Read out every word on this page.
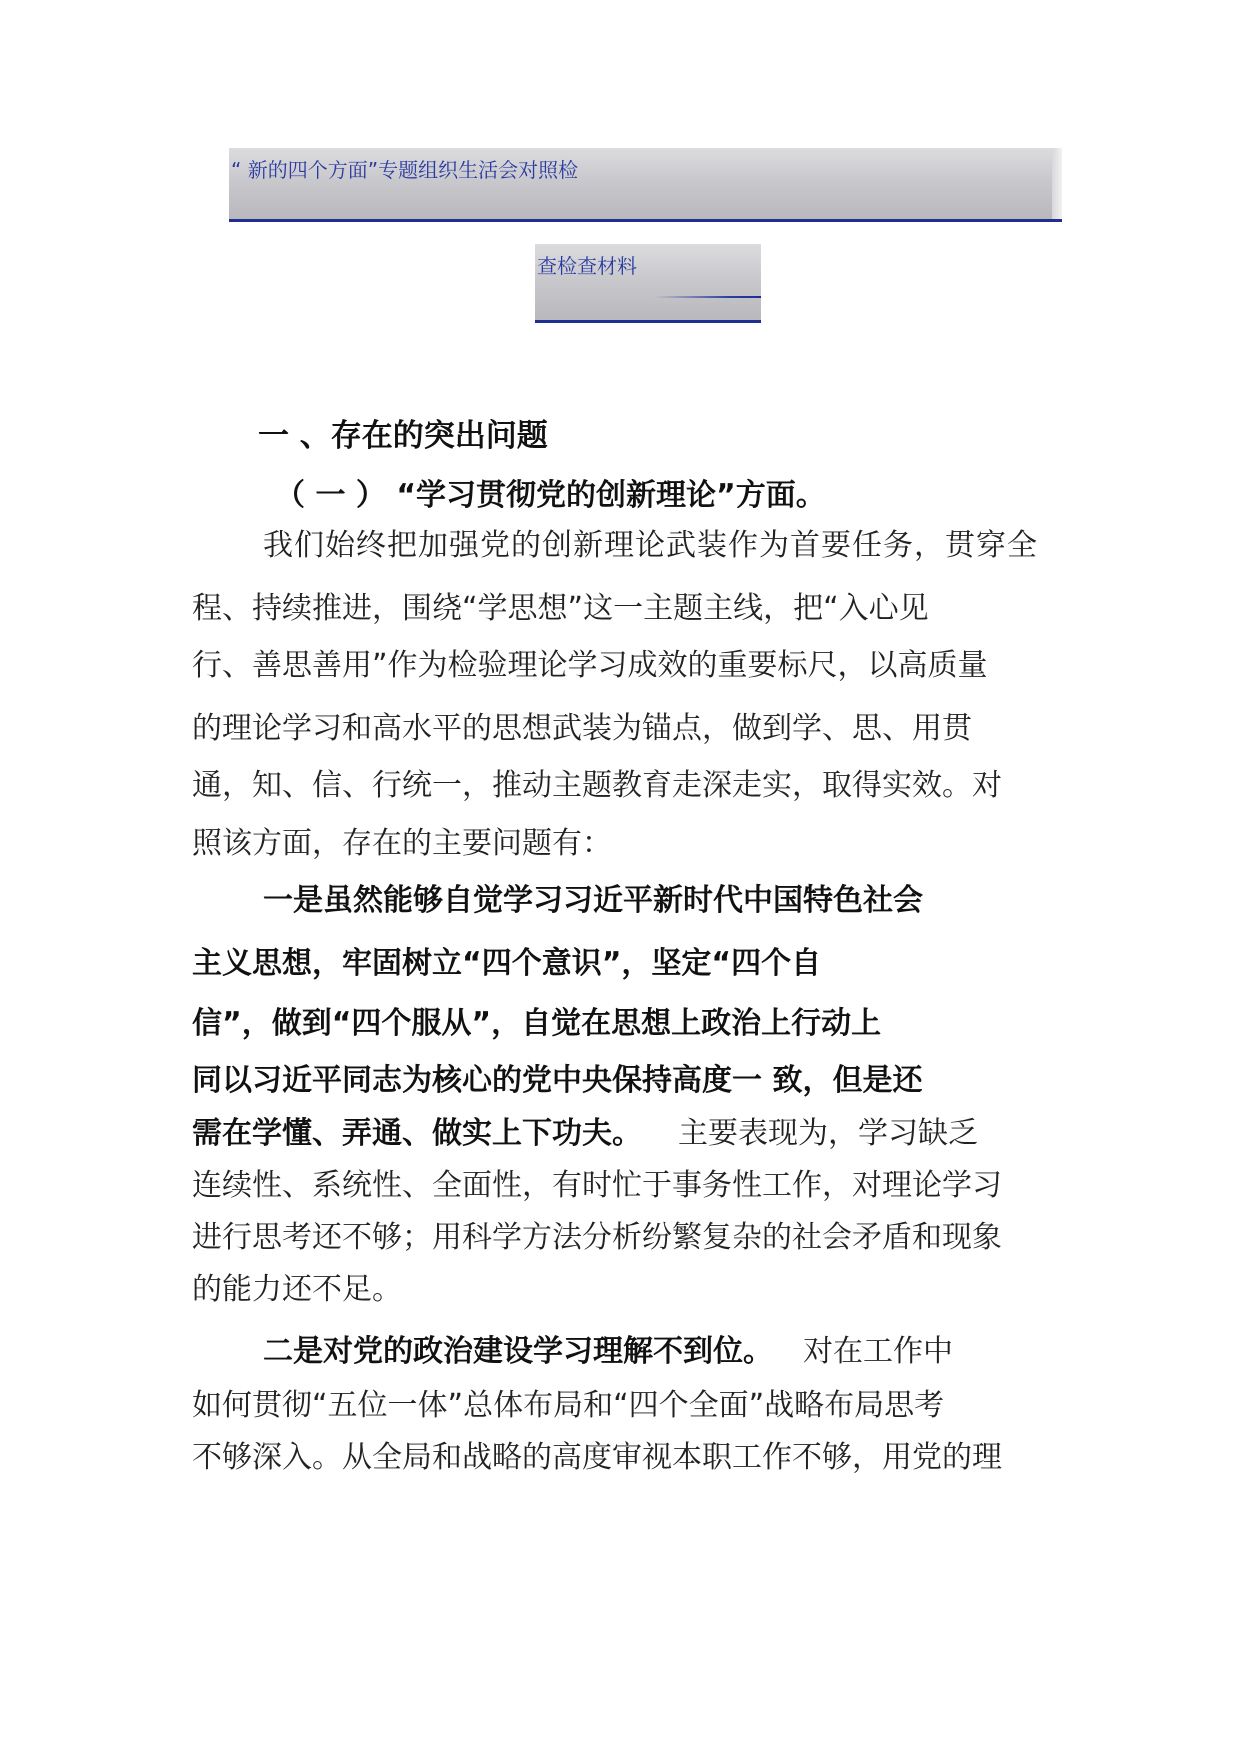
“ 新的四个方面”专题组织生活会对照检
查检查材料
一 、存在的突出问题
（ 一 ） “学习贯彻党的创新理论”方面。
我们始终把加强党的创新理论武装作为首要任务，贯穿全
程、持续推进，围绕“学思想”这一主题主线，把“入心见
行、善思善用”作为检验理论学习成效的重要标尺，以高质量
的理论学习和高水平的思想武装为锚点，做到学、思、用贯
通，知、信、行统一，推动主题教育走深走实，取得实效。对
照该方面，存在的主要问题有：
一是虽然能够自觉学习习近平新时代中国特色社会
主义思想，牢固树立“四个意识”，坚定“四个自
信”，做到“四个服从”，自觉在思想上政治上行动上
同以习近平同志为核心的党中央保持高度一 致，但是还
需在学懂、弄通、做实上下功夫。 主要表现为，学习缺乏
连续性、系统性、全面性，有时忙于事务性工作，对理论学习
进行思考还不够；用科学方法分析纷繁复杂的社会矛盾和现象
的能力还不足。
二是对党的政治建设学习理解不到位。 对在工作中
如何贯彻“五位一体”总体布局和“四个全面”战略布局思考
不够深入。从全局和战略的高度审视本职工作不够，用党的理
